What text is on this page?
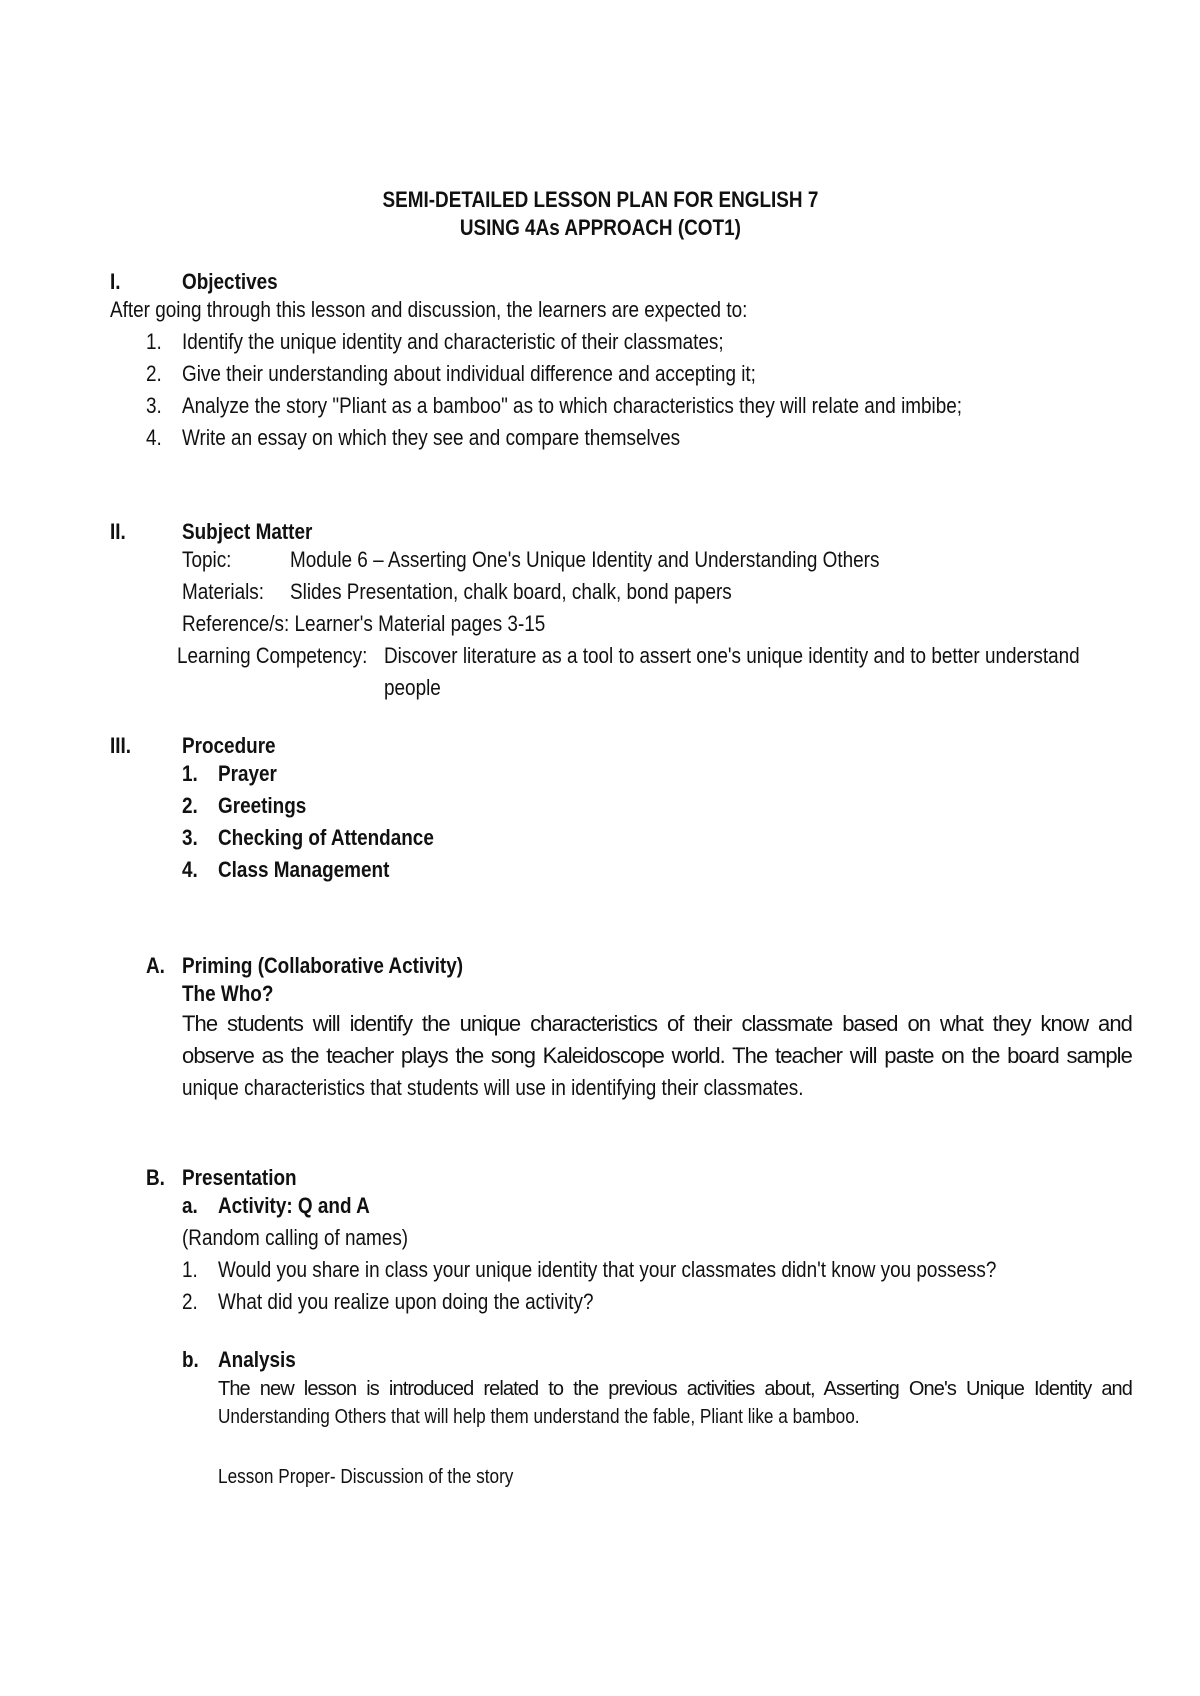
SEMI-DETAILED LESSON PLAN FOR ENGLISH 7
USING 4As APPROACH (COT1)
I.	Objectives
After going through this lesson and discussion, the learners are expected to:
1. Identify the unique identity and characteristic of their classmates;
2. Give their understanding about individual difference and accepting it;
3. Analyze the story "Pliant as a bamboo" as to which characteristics they will relate and imbibe;
4. Write an essay on which they see and compare themselves
II.	Subject Matter
Topic:	Module 6 – Asserting One's Unique Identity and Understanding Others
Materials:	Slides Presentation, chalk board, chalk, bond papers
Reference/s: Learner's Material pages 3-15
Learning Competency: Discover literature as a tool to assert one's unique identity and to better understand
people
III. Procedure
1. Prayer
2. Greetings
3. Checking of Attendance
4. Class Management
A. Priming (Collaborative Activity)
The Who?
The students will identify the unique characteristics of their classmate based on what they know and
observe as the teacher plays the song Kaleidoscope world. The teacher will paste on the board sample
unique characteristics that students will use in identifying their classmates.
B. Presentation
a. Activity: Q and A
(Random calling of names)
1. Would you share in class your unique identity that your classmates didn't know you possess?
2. What did you realize upon doing the activity?
b. Analysis
The new lesson is introduced related to the previous activities about, Asserting One's Unique Identity and
Understanding Others that will help them understand the fable, Pliant like a bamboo.
Lesson Proper- Discussion of the story
